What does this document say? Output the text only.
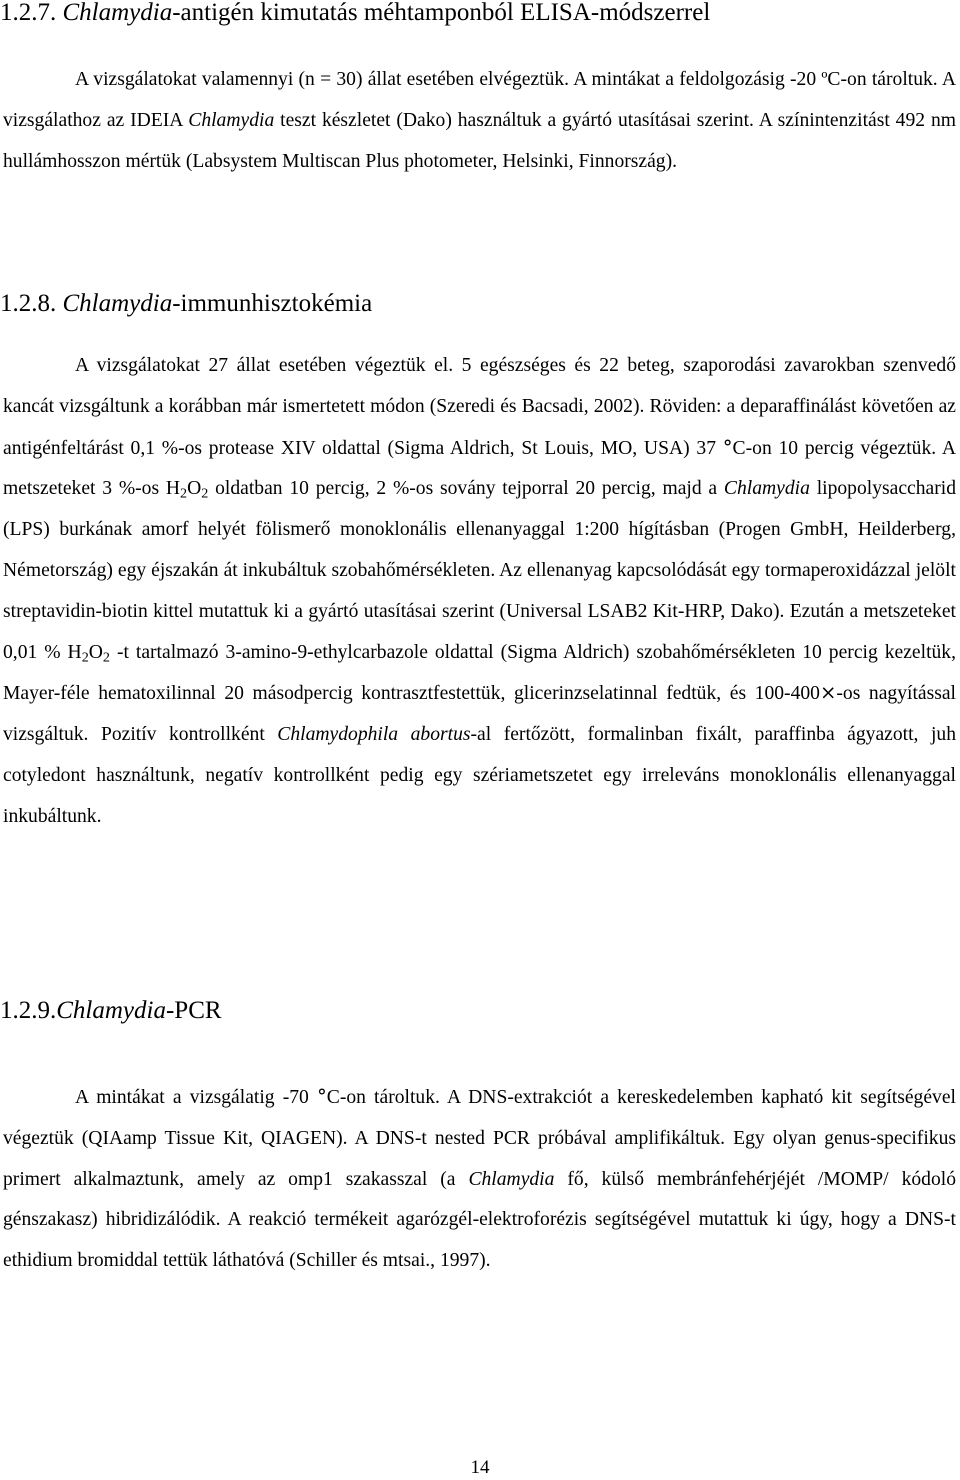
1.2.7. Chlamydia-antigén kimutatás méhtamponból ELISA-módszerrel

A vizsgálatokat valamennyi (n = 30) állat esetében elvégeztük. A mintákat a feldolgozásig -20 ºC-on tároltuk. A vizsgálathoz az IDEIA Chlamydia teszt készletet (Dako) használtuk a gyártó utasításai szerint. A színintenzitást 492 nm hullámhosszon mértük (Labsystem Multiscan Plus photometer, Helsinki, Finnország).

1.2.8. Chlamydia-immunhisztokémia

A vizsgálatokat 27 állat esetében végeztük el. 5 egészséges és 22 beteg, szaporodási zavarokban szenvedő kancát vizsgáltunk a korábban már ismertetett módon (Szeredi és Bacsadi, 2002). Röviden: a deparaffinálást követően az antigénfeltárást 0,1 %-os protease XIV oldattal (Sigma Aldrich, St Louis, MO, USA) 37 °C-on 10 percig végeztük. A metszeteket 3 %-os $H_2O_2$ oldatban 10 percig, 2 %-os sovány tejporral 20 percig, majd a Chlamydia lipopolysaccharid (LPS) burkának amorf helyét fölismerő monoklonális ellenanyaggal 1:200 hígításban (Progen GmbH, Heilderberg, Németország) egy éjszakán át inkubáltuk szobahőmérsékleten. Az ellenanyag kapcsolódását egy tormaperoxidázzal jelölt streptavidin-biotin kittel mutattuk ki a gyártó utasításai szerint (Universal LSAB2 Kit-HRP, Dako). Ezután a metszeteket 0,01 % $H_2O_2$ -t tartalmazó 3-amino-9-ethylcarbazole oldattal (Sigma Aldrich) szobahőmérsékleten 10 percig kezeltük, Mayer-féle hematoxilinnal 20 másodpercig kontrasztfestettük, glicerinzselatinnal fedtük, és 100-400×-os nagyítással vizsgáltuk. Pozitív kontrollként Chlamydophila abortus-al fertőzött, formalinban fixált, paraffinba ágyazott, juh cotyledont használtunk, negatív kontrollként pedig egy szériametszetet egy irreleváns monoklonális ellenanyaggal inkubáltunk.

1.2.9.Chlamydia-PCR

A mintákat a vizsgálatig -70 °C-on tároltuk. A DNS-extrakciót a kereskedelemben kapható kit segítségével végeztük (QIAamp Tissue Kit, QIAGEN). A DNS-t nested PCR próbával amplifikáltuk. Egy olyan genus-specifikus primert alkalmaztunk, amely az omp1 szakasszal (a Chlamydia fő, külső membránfehérjéjét /MOMP/ kódoló génszakasz) hibridizálódik. A reakció termékeit agarózgél-elektroforézis segítségével mutattuk ki úgy, hogy a DNS-t ethidium bromiddal tettük láthatóvá (Schiller és mtsai., 1997).

14
